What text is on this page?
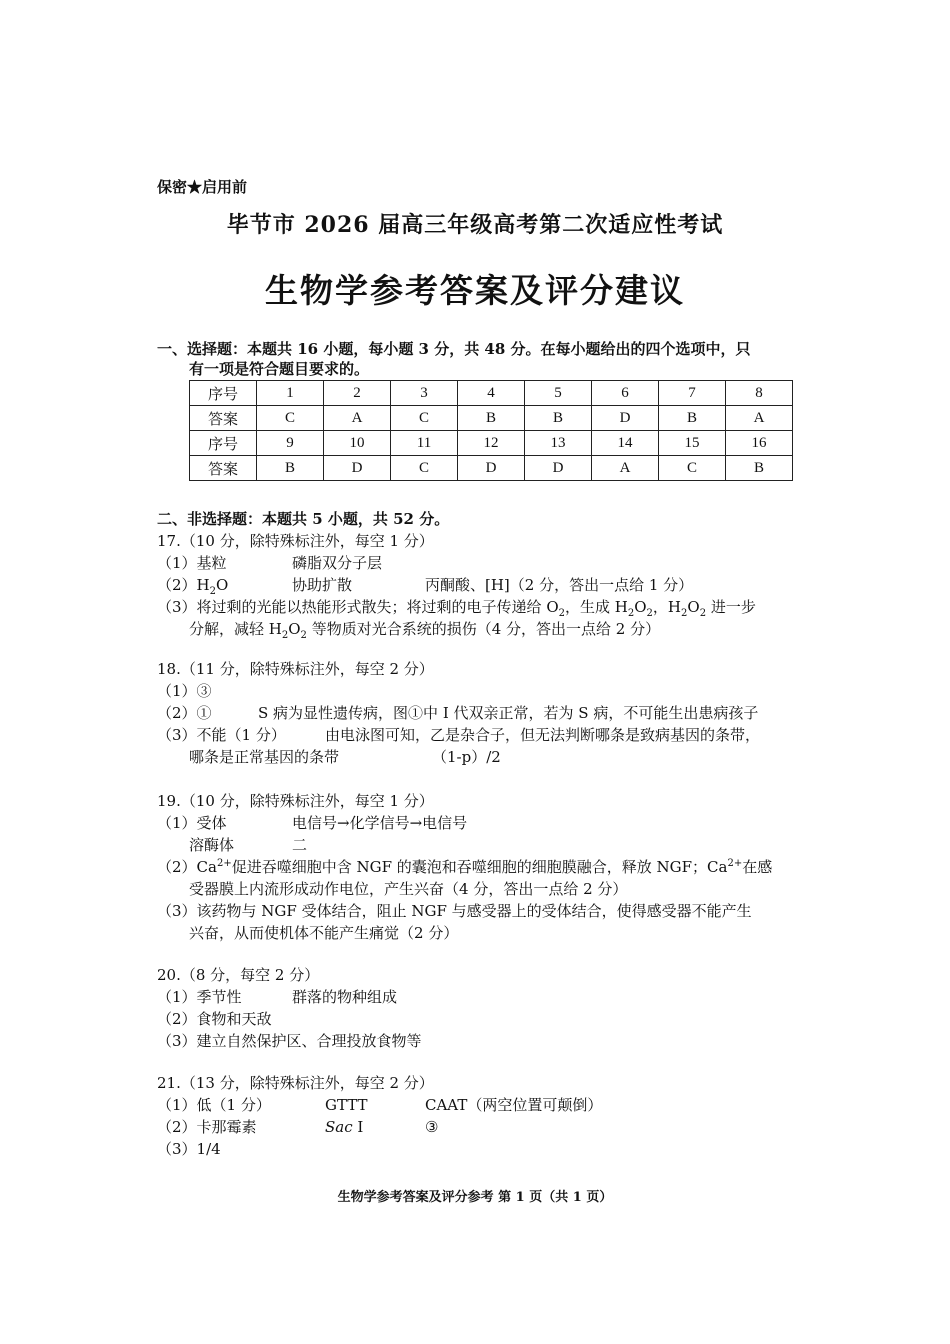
保密★启用前
毕节市 2026 届高三年级高考第二次适应性考试
生物学参考答案及评分建议
一、选择题：本题共 16 小题，每小题 3 分，共 48 分。在每小题给出的四个选项中，只
有一项是符合题目要求的。
序号	1	2	3	4	5	6	7	8
答案	C	A	C	B	B	D	B	A
序号	9	10	11	12	13	14	15	16
答案	B	D	C	D	D	A	C	B
二、非选择题：本题共 5 小题，共 52 分。
17.（10 分，除特殊标注外，每空 1 分）
（1）基粒	磷脂双分子层
$(2)H_2O$	协助扩散	丙酮酸、[H]（2 分，答出一点给 1 分）
（3）将过剩的光能以热能形式散失；将过剩的电子传递给 $O_2$，生成 $H_2O_2$，$H_2O_2$ 进一步
分解，减轻 $H_2O_2$ 等物质对光合系统的损伤（4 分，答出一点给 2 分）
18.（11 分，除特殊标注外，每空 2 分）
（1）③
（2）①	S 病为显性遗传病，图①中 I 代双亲正常，若为 S 病，不可能生出患病孩子
（3）不能（1 分）	由电泳图可知，乙是杂合子，但无法判断哪条是致病基因的条带，
哪条是正常基因的条带	（1-p）/2
19.（10 分，除特殊标注外，每空 1 分）
（1）受体	电信号→化学信号→电信号
溶酶体	二
$(2)Ca^{2+}$促进吞噬细胞中含 NGF 的囊泡和吞噬细胞的细胞膜融合，释放 NGF；$Ca^{2+}$在感
受器膜上内流形成动作电位，产生兴奋（4 分，答出一点给 2 分）
（3）该药物与 NGF 受体结合，阻止 NGF 与感受器上的受体结合，使得感受器不能产生
兴奋，从而使机体不能产生痛觉（2 分）
20.（8 分，每空 2 分）
（1）季节性	群落的物种组成
（2）食物和天敌
（3）建立自然保护区、合理投放食物等
21.（13 分，除特殊标注外，每空 2 分）
（1）低（1 分）	GTTT	CAAT（两空位置可颠倒）
（2）卡那霉素	Sac I	③
（3）1/4
生物学参考答案及评分参考 第 1 页（共 1 页）
